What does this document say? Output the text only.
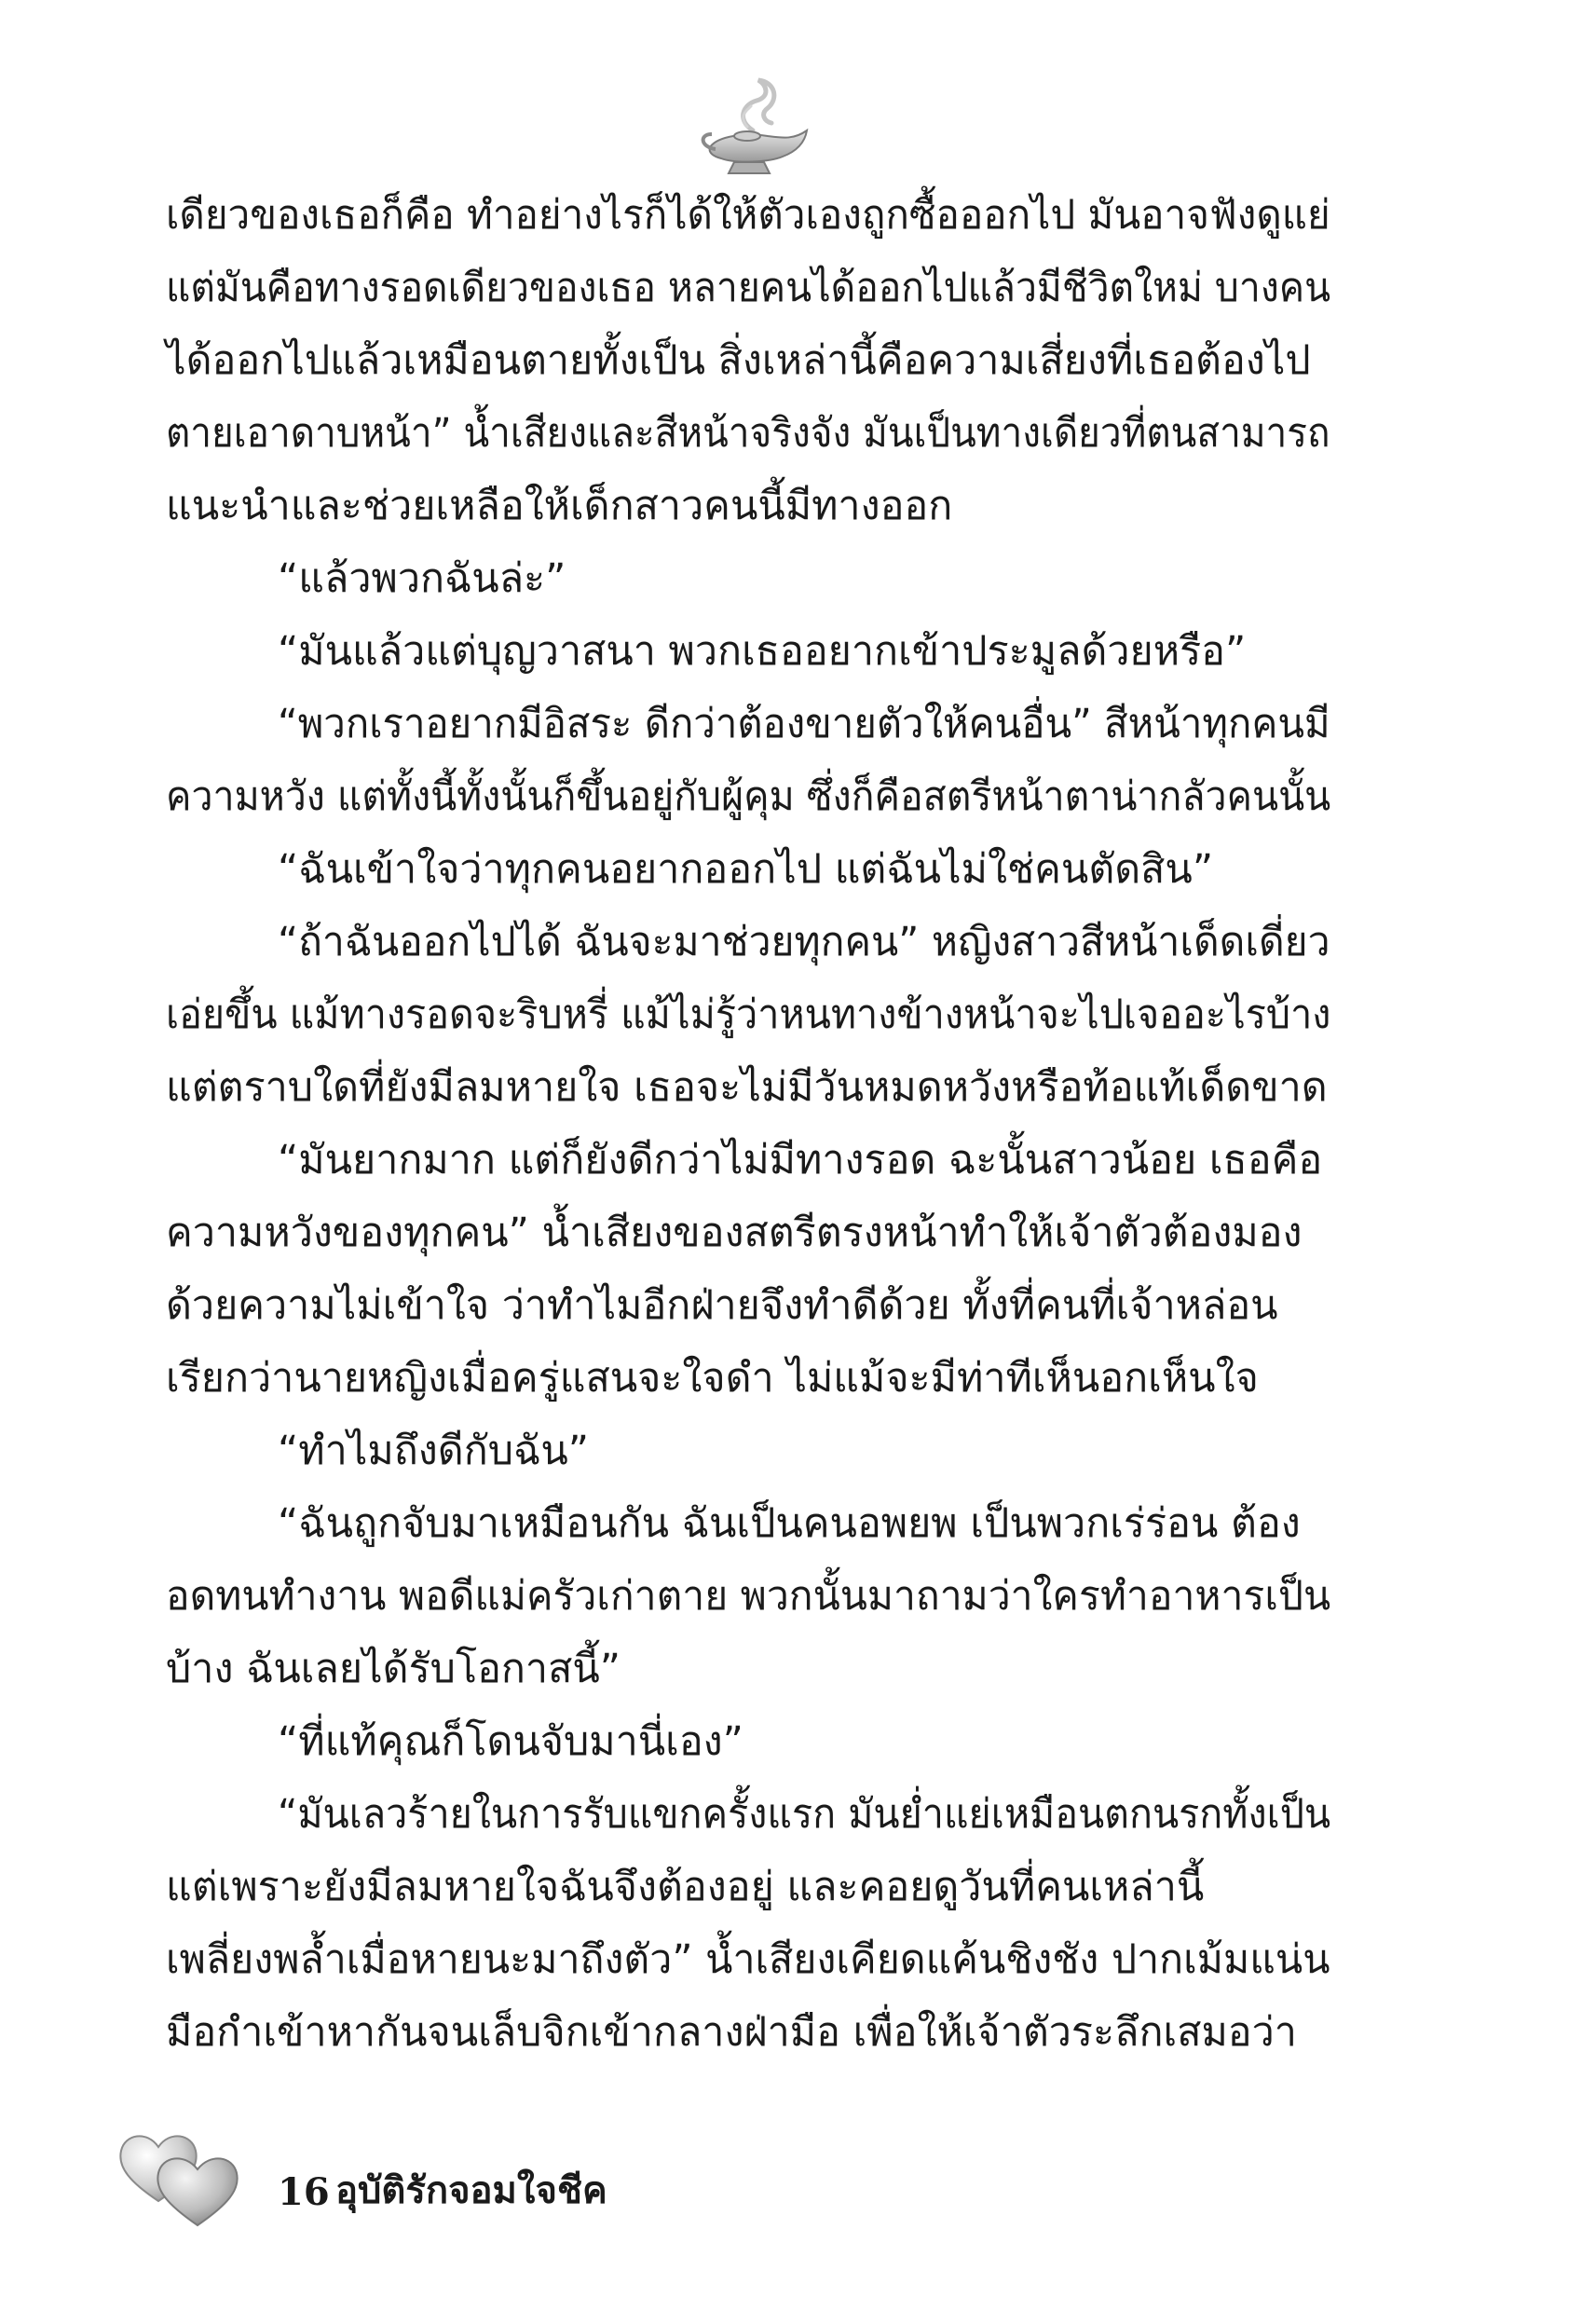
เดียวของเธอก็คือ ทำอย่างไรก็ได้ให้ตัวเองถูกซื้อออกไป มันอาจฟังดูแย่
แต่มันคือทางรอดเดียวของเธอ หลายคนได้ออกไปแล้วมีชีวิตใหม่ บางคน
ได้ออกไปแล้วเหมือนตายทั้งเป็น สิ่งเหล่านี้คือความเสี่ยงที่เธอต้องไป
ตายเอาดาบหน้า” น้ำเสียงและสีหน้าจริงจัง มันเป็นทางเดียวที่ตนสามารถ
แนะนำและช่วยเหลือให้เด็กสาวคนนี้มีทางออก
“แล้วพวกฉันล่ะ”
“มันแล้วแต่บุญวาสนา พวกเธออยากเข้าประมูลด้วยหรือ”
“พวกเราอยากมีอิสระ ดีกว่าต้องขายตัวให้คนอื่น” สีหน้าทุกคนมี
ความหวัง แต่ทั้งนี้ทั้งนั้นก็ขึ้นอยู่กับผู้คุม ซึ่งก็คือสตรีหน้าตาน่ากลัวคนนั้น
“ฉันเข้าใจว่าทุกคนอยากออกไป แต่ฉันไม่ใช่คนตัดสิน”
“ถ้าฉันออกไปได้ ฉันจะมาช่วยทุกคน” หญิงสาวสีหน้าเด็ดเดี่ยว
เอ่ยขึ้น แม้ทางรอดจะริบหรี่ แม้ไม่รู้ว่าหนทางข้างหน้าจะไปเจออะไรบ้าง
แต่ตราบใดที่ยังมีลมหายใจ เธอจะไม่มีวันหมดหวังหรือท้อแท้เด็ดขาด
“มันยากมาก แต่ก็ยังดีกว่าไม่มีทางรอด ฉะนั้นสาวน้อย เธอคือ
ความหวังของทุกคน” น้ำเสียงของสตรีตรงหน้าทำให้เจ้าตัวต้องมอง
ด้วยความไม่เข้าใจ ว่าทำไมอีกฝ่ายจึงทำดีด้วย ทั้งที่คนที่เจ้าหล่อน
เรียกว่านายหญิงเมื่อครู่แสนจะใจดำ ไม่แม้จะมีท่าทีเห็นอกเห็นใจ
“ทำไมถึงดีกับฉัน”
“ฉันถูกจับมาเหมือนกัน ฉันเป็นคนอพยพ เป็นพวกเร่ร่อน ต้อง
อดทนทำงาน พอดีแม่ครัวเก่าตาย พวกนั้นมาถามว่าใครทำอาหารเป็น
บ้าง ฉันเลยได้รับโอกาสนี้”
“ที่แท้คุณก็โดนจับมานี่เอง”
“มันเลวร้ายในการรับแขกครั้งแรก มันย่ำแย่เหมือนตกนรกทั้งเป็น
แต่เพราะยังมีลมหายใจฉันจึงต้องอยู่ และคอยดูวันที่คนเหล่านี้
เพลี่ยงพล้ำเมื่อหายนะมาถึงตัว” น้ำเสียงเคียดแค้นชิงชัง ปากเม้มแน่น
มือกำเข้าหากันจนเล็บจิกเข้ากลางฝ่ามือ เพื่อให้เจ้าตัวระลึกเสมอว่า
16 อุบัติรักจอมใจชีค
